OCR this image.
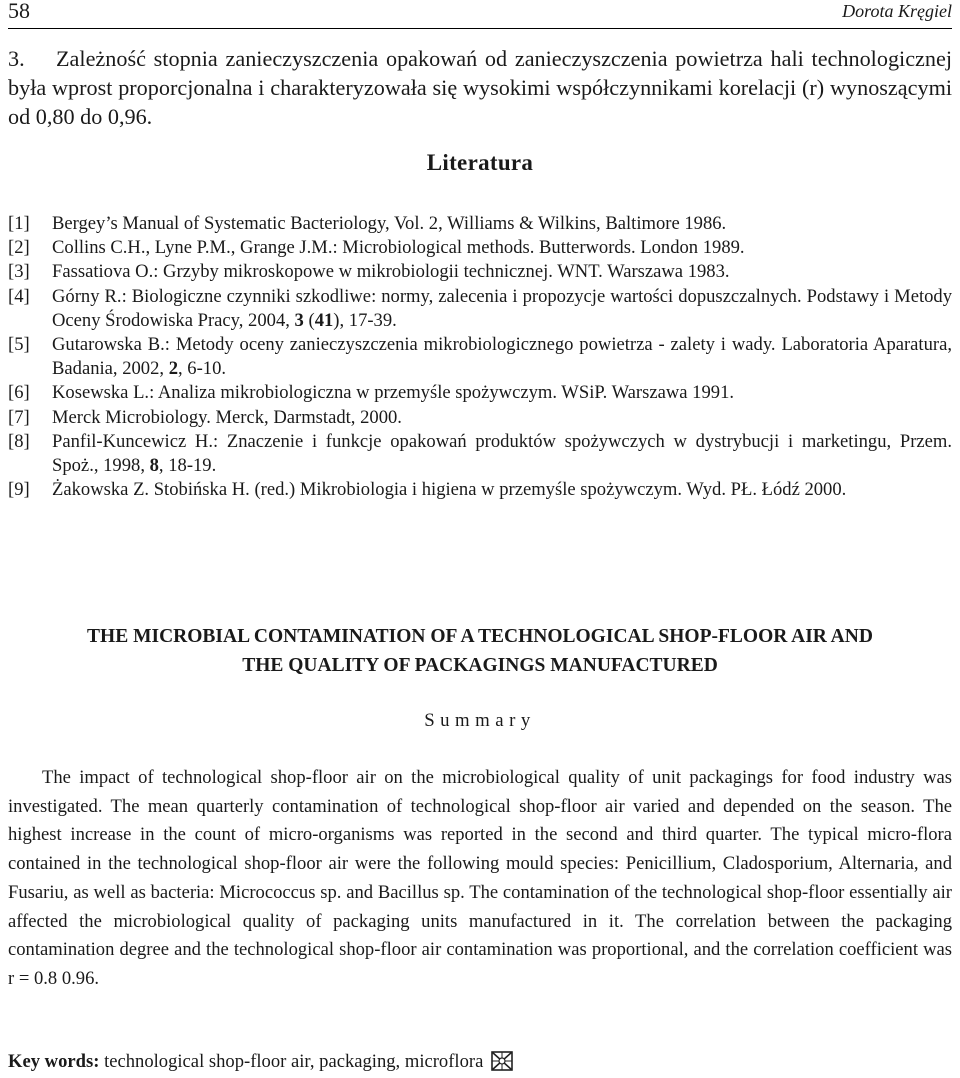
58	Dorota Kręgiel
3. Zależność stopnia zanieczyszczenia opakowań od zanieczyszczenia powietrza hali technologicznej była wprost proporcjonalna i charakteryzowała się wysokimi współczynnikami korelacji (r) wynoszącymi od 0,80 do 0,96.
Literatura
[1] Bergey’s Manual of Systematic Bacteriology, Vol. 2, Williams & Wilkins, Baltimore 1986.
[2] Collins C.H., Lyne P.M., Grange J.M.: Microbiological methods. Butterwords. London 1989.
[3] Fassatiova O.: Grzyby mikroskopowe w mikrobiologii technicznej. WNT. Warszawa 1983.
[4] Górny R.: Biologiczne czynniki szkodliwe: normy, zalecenia i propozycje wartości dopuszczalnych. Podstawy i Metody Oceny Środowiska Pracy, 2004, 3 (41), 17-39.
[5] Gutarowska B.: Metody oceny zanieczyszczenia mikrobiologicznego powietrza - zalety i wady. Laboratoria Aparatura, Badania, 2002, 2, 6-10.
[6] Kosewska L.: Analiza mikrobiologiczna w przemyśle spożywczym. WSiP. Warszawa 1991.
[7] Merck Microbiology. Merck, Darmstadt, 2000.
[8] Panfil-Kuncewicz H.: Znaczenie i funkcje opakowań produktów spożywczych w dystrybucji i marketingu, Przem. Spoż., 1998, 8, 18-19.
[9] Żakowska Z. Stobińska H. (red.) Mikrobiologia i higiena w przemyśle spożywczym. Wyd. PŁ. Łódź 2000.
THE MICROBIAL CONTAMINATION OF A TECHNOLOGICAL SHOP-FLOOR AIR AND
THE QUALITY OF PACKAGINGS MANUFACTURED
Summary
The impact of technological shop-floor air on the microbiological quality of unit packagings for food industry was investigated. The mean quarterly contamination of technological shop-floor air varied and depended on the season. The highest increase in the count of micro-organisms was reported in the second and third quarter. The typical micro-flora contained in the technological shop-floor air were the following mould species: Penicillium, Cladosporium, Alternaria, and Fusariu, as well as bacteria: Micrococcus sp. and Bacillus sp. The contamination of the technological shop-floor essentially air affected the microbiological quality of packaging units manufactured in it. The correlation between the packaging contamination degree and the technological shop-floor air contamination was proportional, and the correlation coefficient was r = 0.8 0.96.
Key words: technological shop-floor air, packaging, microflora
